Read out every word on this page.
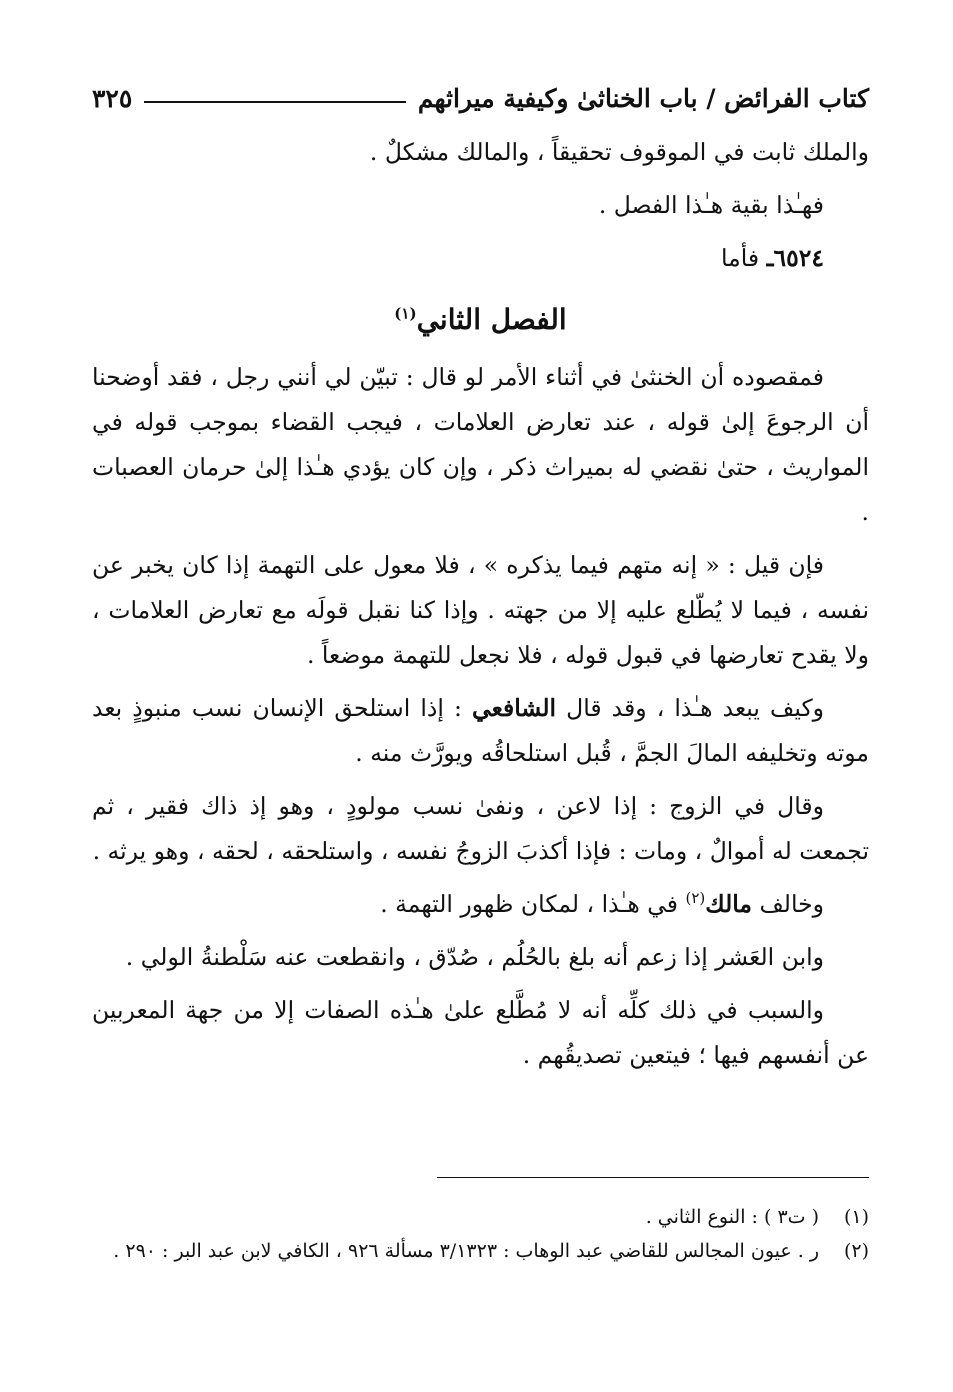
كتاب الفرائض / باب الخناثىٰ وكيفية ميراثهم
٣٢٥

والملك ثابت في الموقوف تحقيقاً ، والمالك مشكلٌ .

فهـٰذا بقية هـٰذا الفصل .

٦٥٢٤ـ فأما

الفصل الثاني$^{(١)}$

فمقصوده أن الخنثىٰ في أثناء الأمر لو قال : تبيّن لي أنني رجل ، فقد أوضحنا أن الرجوعَ إلىٰ قوله ، عند تعارض العلامات ، فيجب القضاء بموجب قوله في المواريث ، حتىٰ نقضي له بميراث ذكر ، وإن كان يؤدي هـٰذا إلىٰ حرمان العصبات .

فإن قيل : « إنه متهم فيما يذكره » ، فلا معول على التهمة إذا كان يخبر عن نفسه ، فيما لا يُطّلع عليه إلا من جهته . وإذا كنا نقبل قولَه مع تعارض العلامات ، ولا يقدح تعارضها في قبول قوله ، فلا نجعل للتهمة موضعاً .

وكيف يبعد هـٰذا ، وقد قال الشافعي : إذا استلحق الإنسان نسب منبوذٍ بعد موته وتخليفه المالَ الجمَّ ، قُبل استلحاقُه ويورَّث منه .

وقال في الزوج : إذا لاعن ، ونفىٰ نسب مولودٍ ، وهو إذ ذاك فقير ، ثم تجمعت له أموالٌ ، ومات : فإذا أكذبَ الزوجُ نفسه ، واستلحقه ، لحقه ، وهو يرثه .

وخالف مالك$^{(٢)}$ في هـٰذا ، لمكان ظهور التهمة .

وابن العَشر إذا زعم أنه بلغ بالحُلُم ، صُدّق ، وانقطعت عنه سَلْطنةُ الولي .

والسبب في ذلك كلِّه أنه لا مُطَّلع علىٰ هـٰذه الصفات إلا من جهة المعربين عن أنفسهم فيها ؛ فيتعين تصديقُهم .

(١)
( ت٣ ) : النوع الثاني .

(٢)
ر . عيون المجالس للقاضي عبد الوهاب : ٣/١٣٢٣ مسألة ٩٢٦ ، الكافي لابن عبد البر : ٢٩٠ .
